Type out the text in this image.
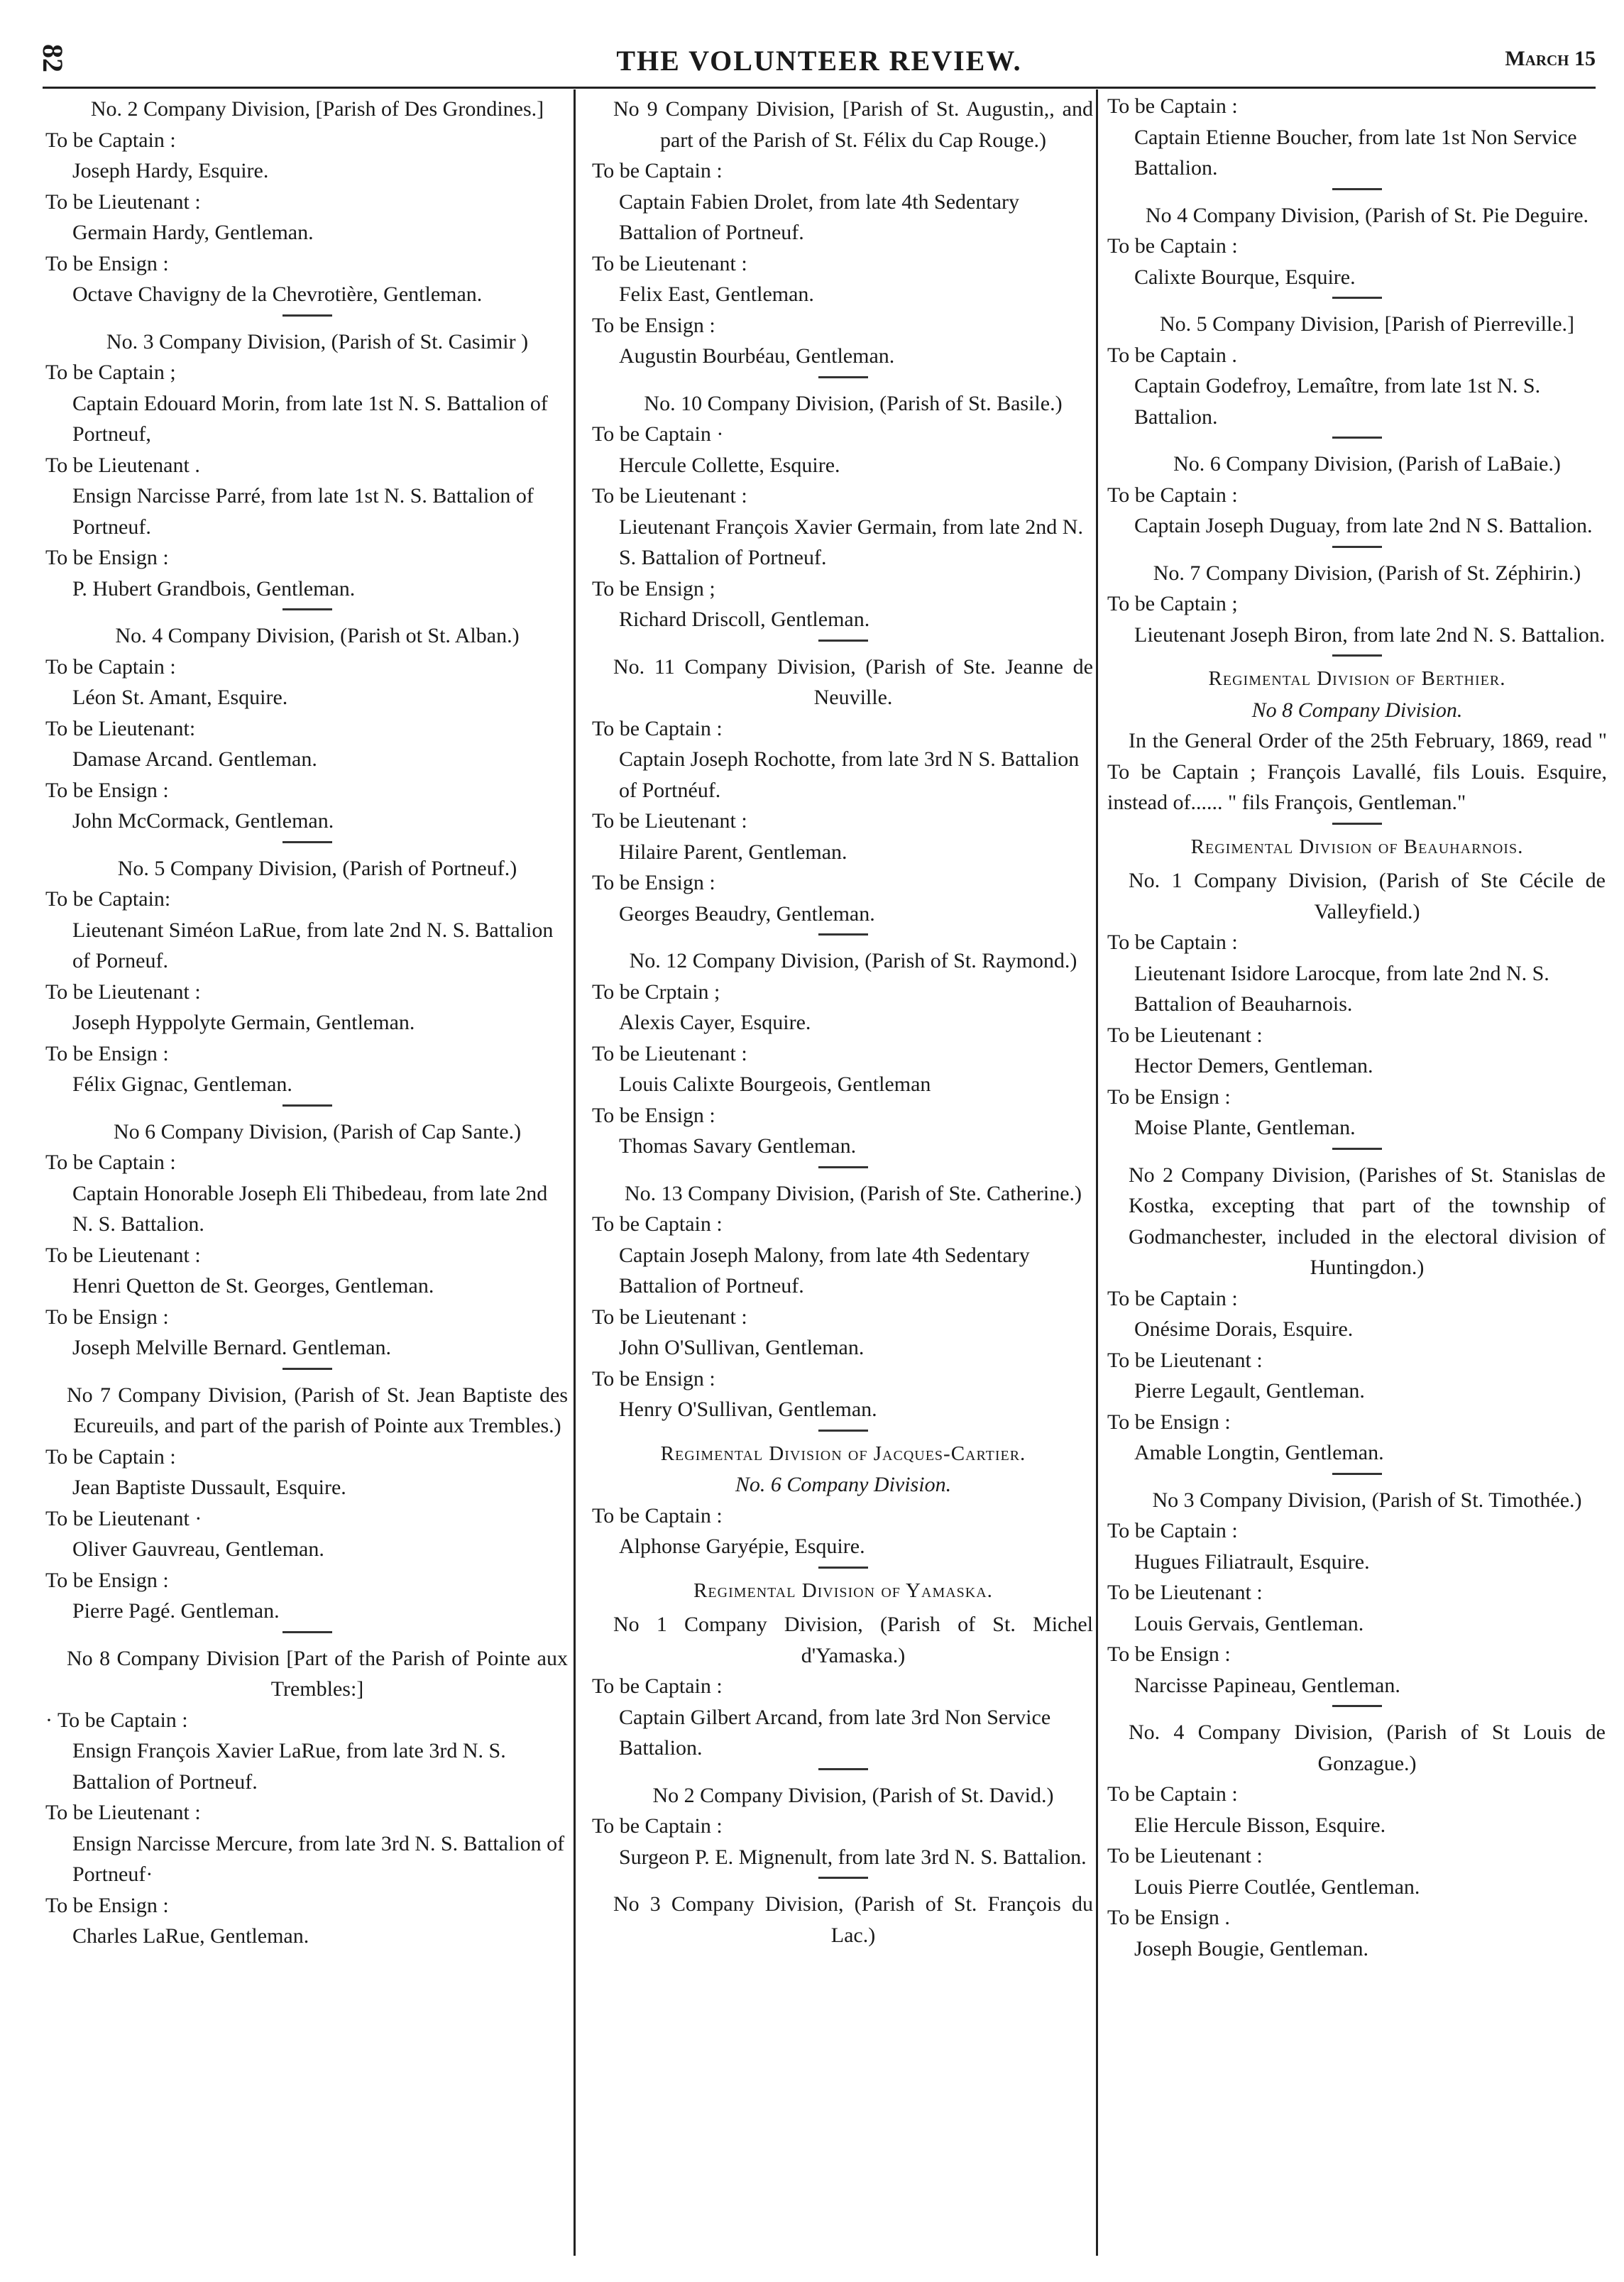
82	THE VOLUNTEER REVIEW.	March 15

No. 2 Company Division, [Parish of Des Grondines.]

To be Captain :

Joseph Hardy, Esquire.

To be Lieutenant :

Germain Hardy, Gentleman.

To be Ensign :

Octave Chavigny de la Chevrotière, Gentleman.

No. 3 Company Division, (Parish of St. Casimir )

To be Captain ;

Captain Edouard Morin, from late 1st N. S. Battalion of Portneuf,

To be Lieutenant .

Ensign Narcisse Parré, from late 1st N. S. Battalion of Portneuf.

To be Ensign :

P. Hubert Grandbois, Gentleman.

No. 4 Company Division, (Parish ot St. Alban.)

To be Captain :

Léon St. Amant, Esquire.

To be Lieutenant:

Damase Arcand. Gentleman.

To be Ensign :

John McCormack, Gentleman.

No. 5 Company Division, (Parish of Portneuf.)

To be Captain:

Lieutenant Siméon LaRue, from late 2nd N. S. Battalion of Porneuf.

To be Lieutenant :

Joseph Hyppolyte Germain, Gentleman.

To be Ensign :

Félix Gignac, Gentleman.

No 6 Company Division, (Parish of Cap Sante.)

To be Captain :

Captain Honorable Joseph Eli Thibedeau, from late 2nd N. S. Battalion.

To be Lieutenant :

Henri Quetton de St. Georges, Gentleman.

To be Ensign :

Joseph Melville Bernard. Gentleman.

No 7 Company Division, (Parish of St. Jean Baptiste des Ecureuils, and part of the parish of Pointe aux Trembles.)

To be Captain :

Jean Baptiste Dussault, Esquire.

To be Lieutenant ·

Oliver Gauvreau, Gentleman.

To be Ensign :

Pierre Pagé. Gentleman.

No 8 Company Division [Part of the Parish of Pointe aux Trembles:]

· To be Captain :

Ensign François Xavier LaRue, from late 3rd N. S. Battalion of Portneuf.

To be Lieutenant :

Ensign Narcisse Mercure, from late 3rd N. S. Battalion of Portneuf·

To be Ensign :

Charles LaRue, Gentleman.

No 9 Company Division, [Parish of St. Augustin,, and part of the Parish of St. Félix du Cap Rouge.)

To be Captain :

Captain Fabien Drolet, from late 4th Sedentary Battalion of Portneuf.

To be Lieutenant :

Felix East, Gentleman.

To be Ensign :

Augustin Bourbéau, Gentleman.

No. 10 Company Division, (Parish of St. Basile.)

To be Captain ·

Hercule Collette, Esquire.

To be Lieutenant :

Lieutenant François Xavier Germain, from late 2nd N. S. Battalion of Portneuf.

To be Ensign ;

Richard Driscoll, Gentleman.

No. 11 Company Division, (Parish of Ste. Jeanne de Neuville.

To be Captain :

Captain Joseph Rochotte, from late 3rd N S. Battalion of Portnéuf.

To be Lieutenant :

Hilaire Parent, Gentleman.

To be Ensign :

Georges Beaudry, Gentleman.

No. 12 Company Division, (Parish of St. Raymond.)

To be Crptain ;

Alexis Cayer, Esquire.

To be Lieutenant :

Louis Calixte Bourgeois, Gentleman

To be Ensign :

Thomas Savary Gentleman.

No. 13 Company Division, (Parish of Ste. Catherine.)

To be Captain :

Captain Joseph Malony, from late 4th Sedentary Battalion of Portneuf.

To be Lieutenant :

John O'Sullivan, Gentleman.

To be Ensign :

Henry O'Sullivan, Gentleman.

Regimental Division of Jacques-Cartier.

No. 6 Company Division.

To be Captain :

Alphonse Garyépie, Esquire.

Regimental Division of Yamaska.

No 1 Company Division, (Parish of St. Michel d'Yamaska.)

To be Captain :

Captain Gilbert Arcand, from late 3rd Non Service Battalion.

No 2 Company Division, (Parish of St. David.)

To be Captain :

Surgeon P. E. Mignenult, from late 3rd N. S. Battalion.

No 3 Company Division, (Parish of St. François du Lac.)

To be Captain :

Captain Etienne Boucher, from late 1st Non Service Battalion.

No 4 Company Division, (Parish of St. Pie Deguire.

To be Captain :

Calixte Bourque, Esquire.

No. 5 Company Division, [Parish of Pierreville.]

To be Captain .

Captain Godefroy, Lemaître, from late 1st N. S. Battalion.

No. 6 Company Division, (Parish of LaBaie.)

To be Captain :

Captain Joseph Duguay, from late 2nd N S. Battalion.

No. 7 Company Division, (Parish of St. Zéphirin.)

To be Captain ;

Lieutenant Joseph Biron, from late 2nd N. S. Battalion.

Regimental Division of Berthier.

No 8 Company Division.

In the General Order of the 25th February, 1869, read " To be Captain ; François Lavallé, fils Louis. Esquire, instead of...... " fils François, Gentleman."

Regimental Division of Beauharnois.

No. 1 Company Division, (Parish of Ste Cécile de Valleyfield.)

To be Captain :

Lieutenant Isidore Larocque, from late 2nd N. S. Battalion of Beauharnois.

To be Lieutenant :

Hector Demers, Gentleman.

To be Ensign :

Moise Plante, Gentleman.

No 2 Company Division, (Parishes of St. Stanislas de Kostka, excepting that part of the township of Godmanchester, included in the electoral division of Huntingdon.)

To be Captain :

Onésime Dorais, Esquire.

To be Lieutenant :

Pierre Legault, Gentleman.

To be Ensign :

Amable Longtin, Gentleman.

No 3 Company Division, (Parish of St. Timothée.)

To be Captain :

Hugues Filiatrault, Esquire.

To be Lieutenant :

Louis Gervais, Gentleman.

To be Ensign :

Narcisse Papineau, Gentleman.

No. 4 Company Division, (Parish of St Louis de Gonzague.)

To be Captain :

Elie Hercule Bisson, Esquire.

To be Lieutenant :

Louis Pierre Coutlée, Gentleman.

To be Ensign .

Joseph Bougie, Gentleman.
